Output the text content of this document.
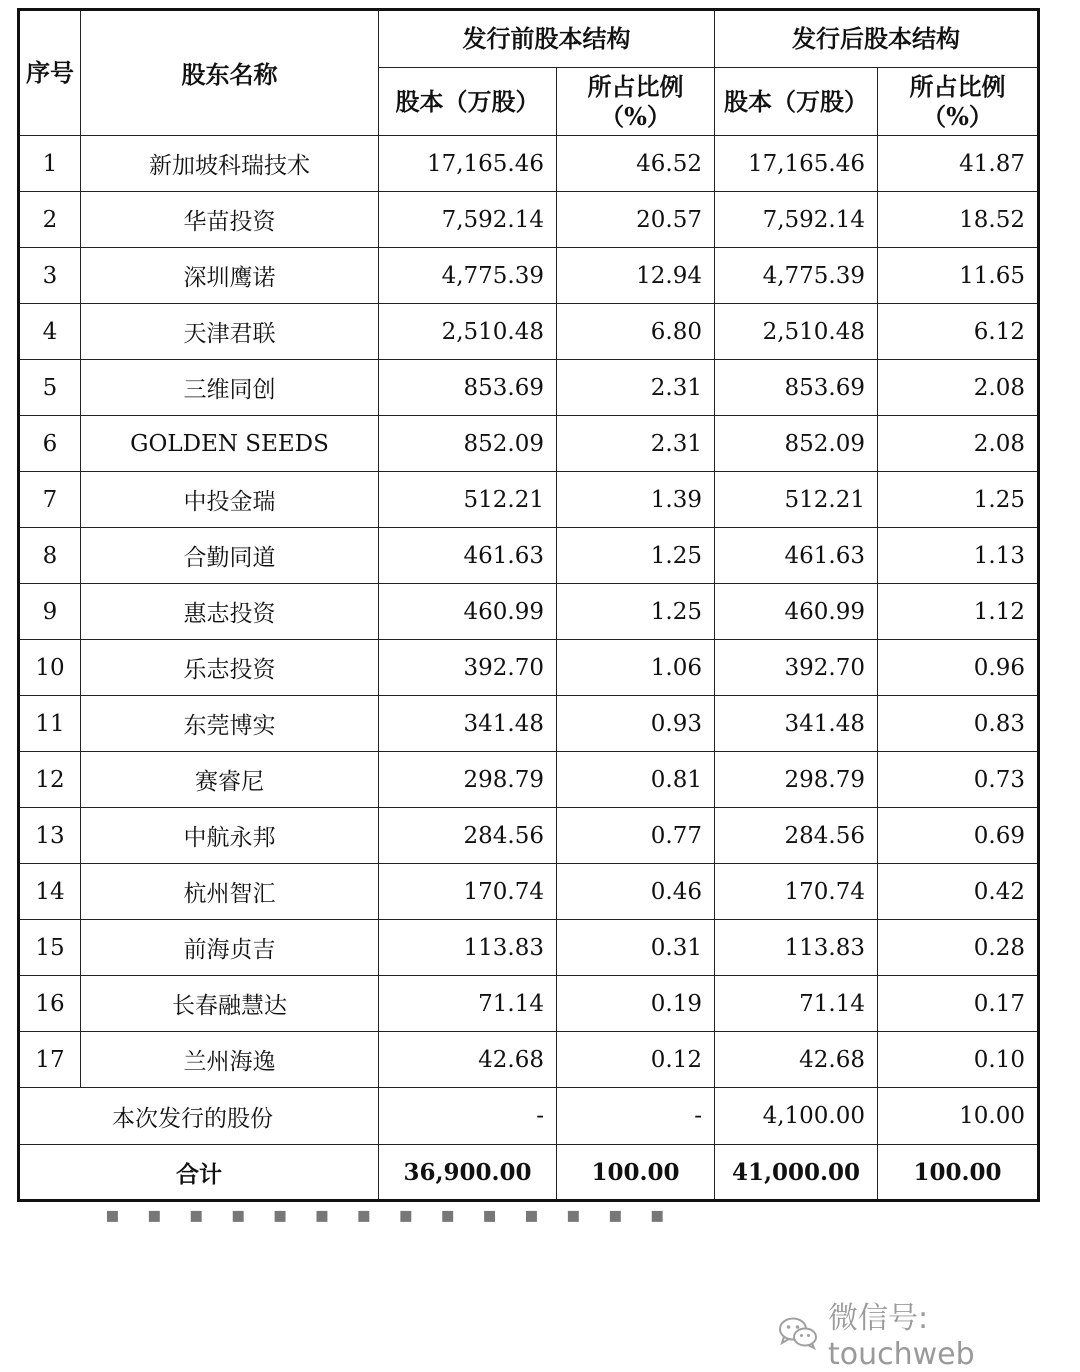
序号	股东名称	发行前股本结构		发行后股本结构	
		股本（万股）	所占比例（%）	股本（万股）	所占比例（%）
1	新加坡科瑞技术	17,165.46	46.52	17,165.46	41.87
2	华苗投资	7,592.14	20.57	7,592.14	18.52
3	深圳鹰诺	4,775.39	12.94	4,775.39	11.65
4	天津君联	2,510.48	6.80	2,510.48	6.12
5	三维同创	853.69	2.31	853.69	2.08
6	GOLDEN SEEDS	852.09	2.31	852.09	2.08
7	中投金瑞	512.21	1.39	512.21	1.25
8	合勤同道	461.63	1.25	461.63	1.13
9	惠志投资	460.99	1.25	460.99	1.12
10	乐志投资	392.70	1.06	392.70	0.96
11	东莞博实	341.48	0.93	341.48	0.83
12	赛睿尼	298.79	0.81	298.79	0.73
13	中航永邦	284.56	0.77	284.56	0.69
14	杭州智汇	170.74	0.46	170.74	0.42
15	前海贞吉	113.83	0.31	113.83	0.28
16	长春融慧达	71.14	0.19	71.14	0.17
17	兰州海逸	42.68	0.12	42.68	0.10
本次发行的股份		-	-	4,100.00	10.00
合计		36,900.00	100.00	41,000.00	100.00
▪ ▪ ▪ ▪ ▪ ▪ ▪ ▪ ▪ ▪ ▪ ▪ ▪ ▪
微信号: touchweb
